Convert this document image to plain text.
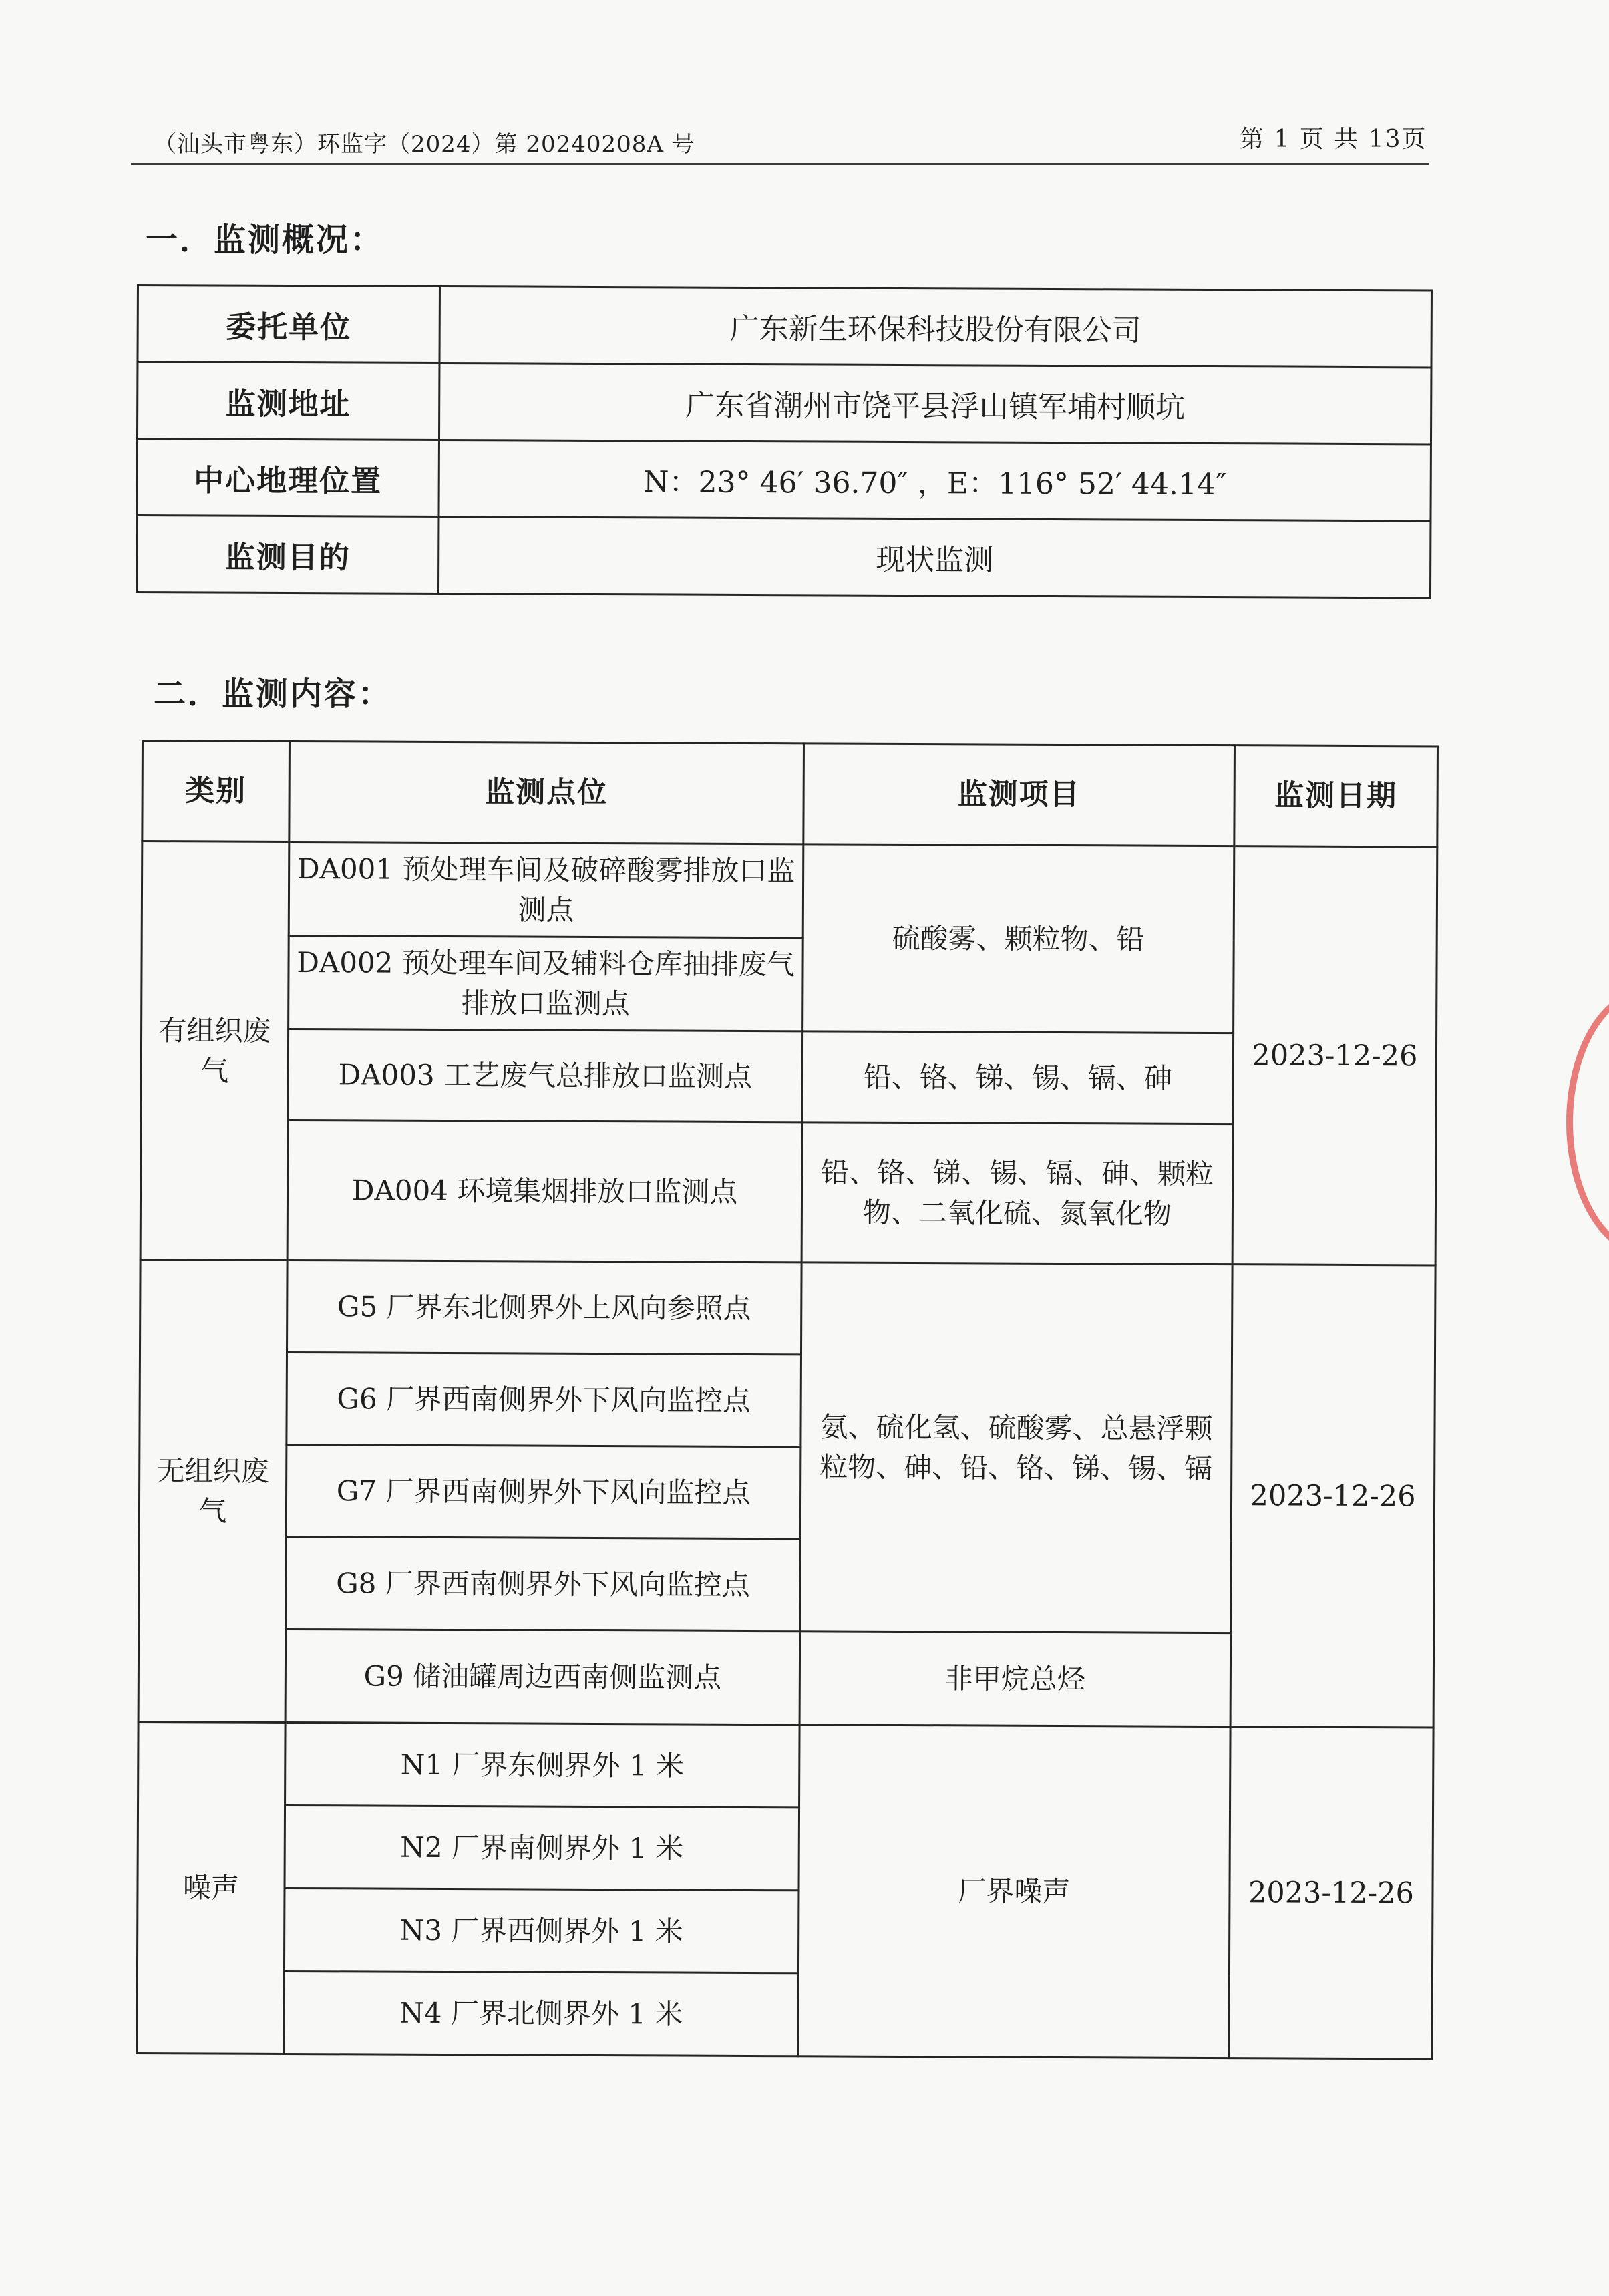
（汕头市粤东）环监字（2024）第 20240208A 号	第 1 页 共 13页
一．监测概况：
委托单位	广东新生环保科技股份有限公司
监测地址	广东省潮州市饶平县浮山镇军埔村顺坑
中心地理位置	N：23° 46′ 36.70″ ，E：116° 52′ 44.14″
监测目的	现状监测
二．监测内容：
类别	监测点位	监测项目	监测日期
有组织废气	DA001 预处理车间及破碎酸雾排放口监测点	硫酸雾、颗粒物、铅	2023-12-26
	DA002 预处理车间及辅料仓库抽排废气排放口监测点		
	DA003 工艺废气总排放口监测点	铅、铬、锑、锡、镉、砷	
	DA004 环境集烟排放口监测点	铅、铬、锑、锡、镉、砷、颗粒物、二氧化硫、氮氧化物	
无组织废气	G5 厂界东北侧界外上风向参照点	氨、硫化氢、硫酸雾、总悬浮颗粒物、砷、铅、铬、锑、锡、镉	2023-12-26
	G6 厂界西南侧界外下风向监控点		
	G7 厂界西南侧界外下风向监控点		
	G8 厂界西南侧界外下风向监控点		
	G9 储油罐周边西南侧监测点	非甲烷总烃	
噪声	N1 厂界东侧界外 1 米	厂界噪声	2023-12-26
	N2 厂界南侧界外 1 米		
	N3 厂界西侧界外 1 米		
	N4 厂界北侧界外 1 米		
